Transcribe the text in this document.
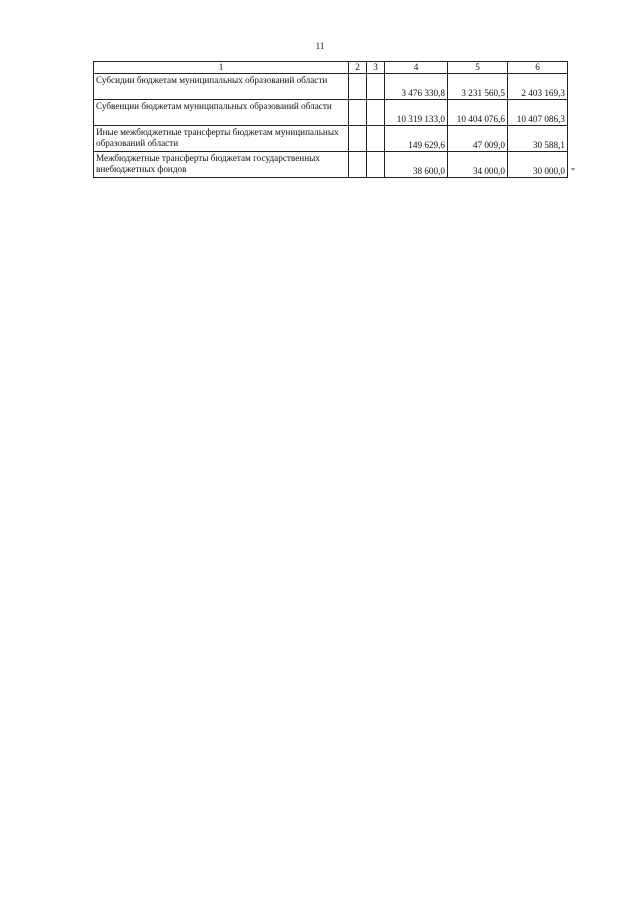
11
1	2	3	4	5	6
Субсидии бюджетам муниципальных образований области			3 476 330,8	3 231 560,5	2 403 169,3
Субвенции бюджетам муниципальных образований области			10 319 133,0	10 404 076,6	10 407 086,3
Иные межбюджетные трансферты бюджетам муниципальных образований области			149 629,6	47 009,0	30 588,1
Межбюджетные трансферты бюджетам государственных внебюджетных фондов			38 600,0	34 000,0	30 000,0 "
